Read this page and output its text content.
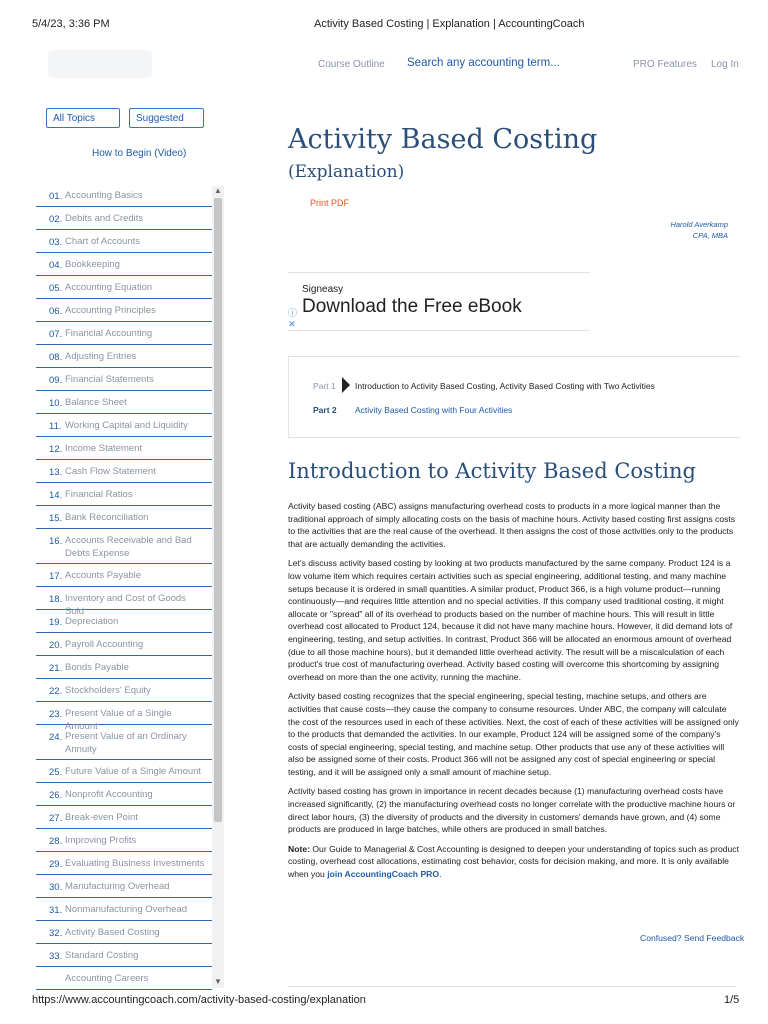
5/4/23, 3:36 PM	Activity Based Costing | Explanation | AccountingCoach
Course Outline Search any accounting term...	PRO Features Log In
All Topics	Suggested
How to Begin (Video)
01. Accounting Basics
02. Debits and Credits
03. Chart of Accounts
04. Bookkeeping
05. Accounting Equation
06. Accounting Principles
07. Financial Accounting
08. Adjusting Entries
09. Financial Statements
10. Balance Sheet
11. Working Capital and Liquidity
12. Income Statement
13. Cash Flow Statement
14. Financial Ratios
15. Bank Reconciliation
16. Accounts Receivable and Bad Debts Expense
17. Accounts Payable
18. Inventory and Cost of Goods Sold
19. Depreciation
20. Payroll Accounting
21. Bonds Payable
22. Stockholders' Equity
23. Present Value of a Single Amount
24. Present Value of an Ordinary Annuity
25. Future Value of a Single Amount
26. Nonprofit Accounting
27. Break-even Point
28. Improving Profits
29. Evaluating Business Investments
30. Manufacturing Overhead
31. Nonmanufacturing Overhead
32. Activity Based Costing
33. Standard Costing
Accounting Careers
▲
▼
Activity Based Costing
(Explanation)
Print PDF
Harold Averkamp
CPA, MBA
Signeasy
Download the Free eBook
ⓘ
✕
Part 1 Introduction to Activity Based Costing, Activity Based Costing with Two Activities
Part 2 Activity Based Costing with Four Activities
Introduction to Activity Based Costing

Activity based costing (ABC) assigns manufacturing overhead costs to products in a more logical manner than the traditional approach of simply allocating costs on the basis of machine hours. Activity based costing first assigns costs to the activities that are the real cause of the overhead. It then assigns the cost of those activities only to the products that are actually demanding the activities.

Let's discuss activity based costing by looking at two products manufactured by the same company. Product 124 is a low volume item which requires certain activities such as special engineering, additional testing, and many machine setups because it is ordered in small quantities. A similar product, Product 366, is a high volume product—running continuously—and requires little attention and no special activities. If this company used traditional costing, it might allocate or "spread" all of its overhead to products based on the number of machine hours. This will result in little overhead cost allocated to Product 124, because it did not have many machine hours. However, it did demand lots of engineering, testing, and setup activities. In contrast, Product 366 will be allocated an enormous amount of overhead (due to all those machine hours), but it demanded little overhead activity. The result will be a miscalculation of each product's true cost of manufacturing overhead. Activity based costing will overcome this shortcoming by assigning overhead on more than the one activity, running the machine.

Activity based costing recognizes that the special engineering, special testing, machine setups, and others are activities that cause costs—they cause the company to consume resources. Under ABC, the company will calculate the cost of the resources used in each of these activities. Next, the cost of each of these activities will be assigned only to the products that demanded the activities. In our example, Product 124 will be assigned some of the company's costs of special engineering, special testing, and machine setup. Other products that use any of these activities will also be assigned some of their costs. Product 366 will not be assigned any cost of special engineering or special testing, and it will be assigned only a small amount of machine setup.

Activity based costing has grown in importance in recent decades because (1) manufacturing overhead costs have increased significantly, (2) the manufacturing overhead costs no longer correlate with the productive machine hours or direct labor hours, (3) the diversity of products and the diversity in customers' demands have grown, and (4) some products are produced in large batches, while others are produced in small batches.

Note: Our Guide to Managerial & Cost Accounting is designed to deepen your understanding of topics such as product costing, overhead cost allocations, estimating cost behavior, costs for decision making, and more. It is only available when you join AccountingCoach PRO.

Confused? Send Feedback
https://www.accountingcoach.com/activity-based-costing/explanation	1/5
